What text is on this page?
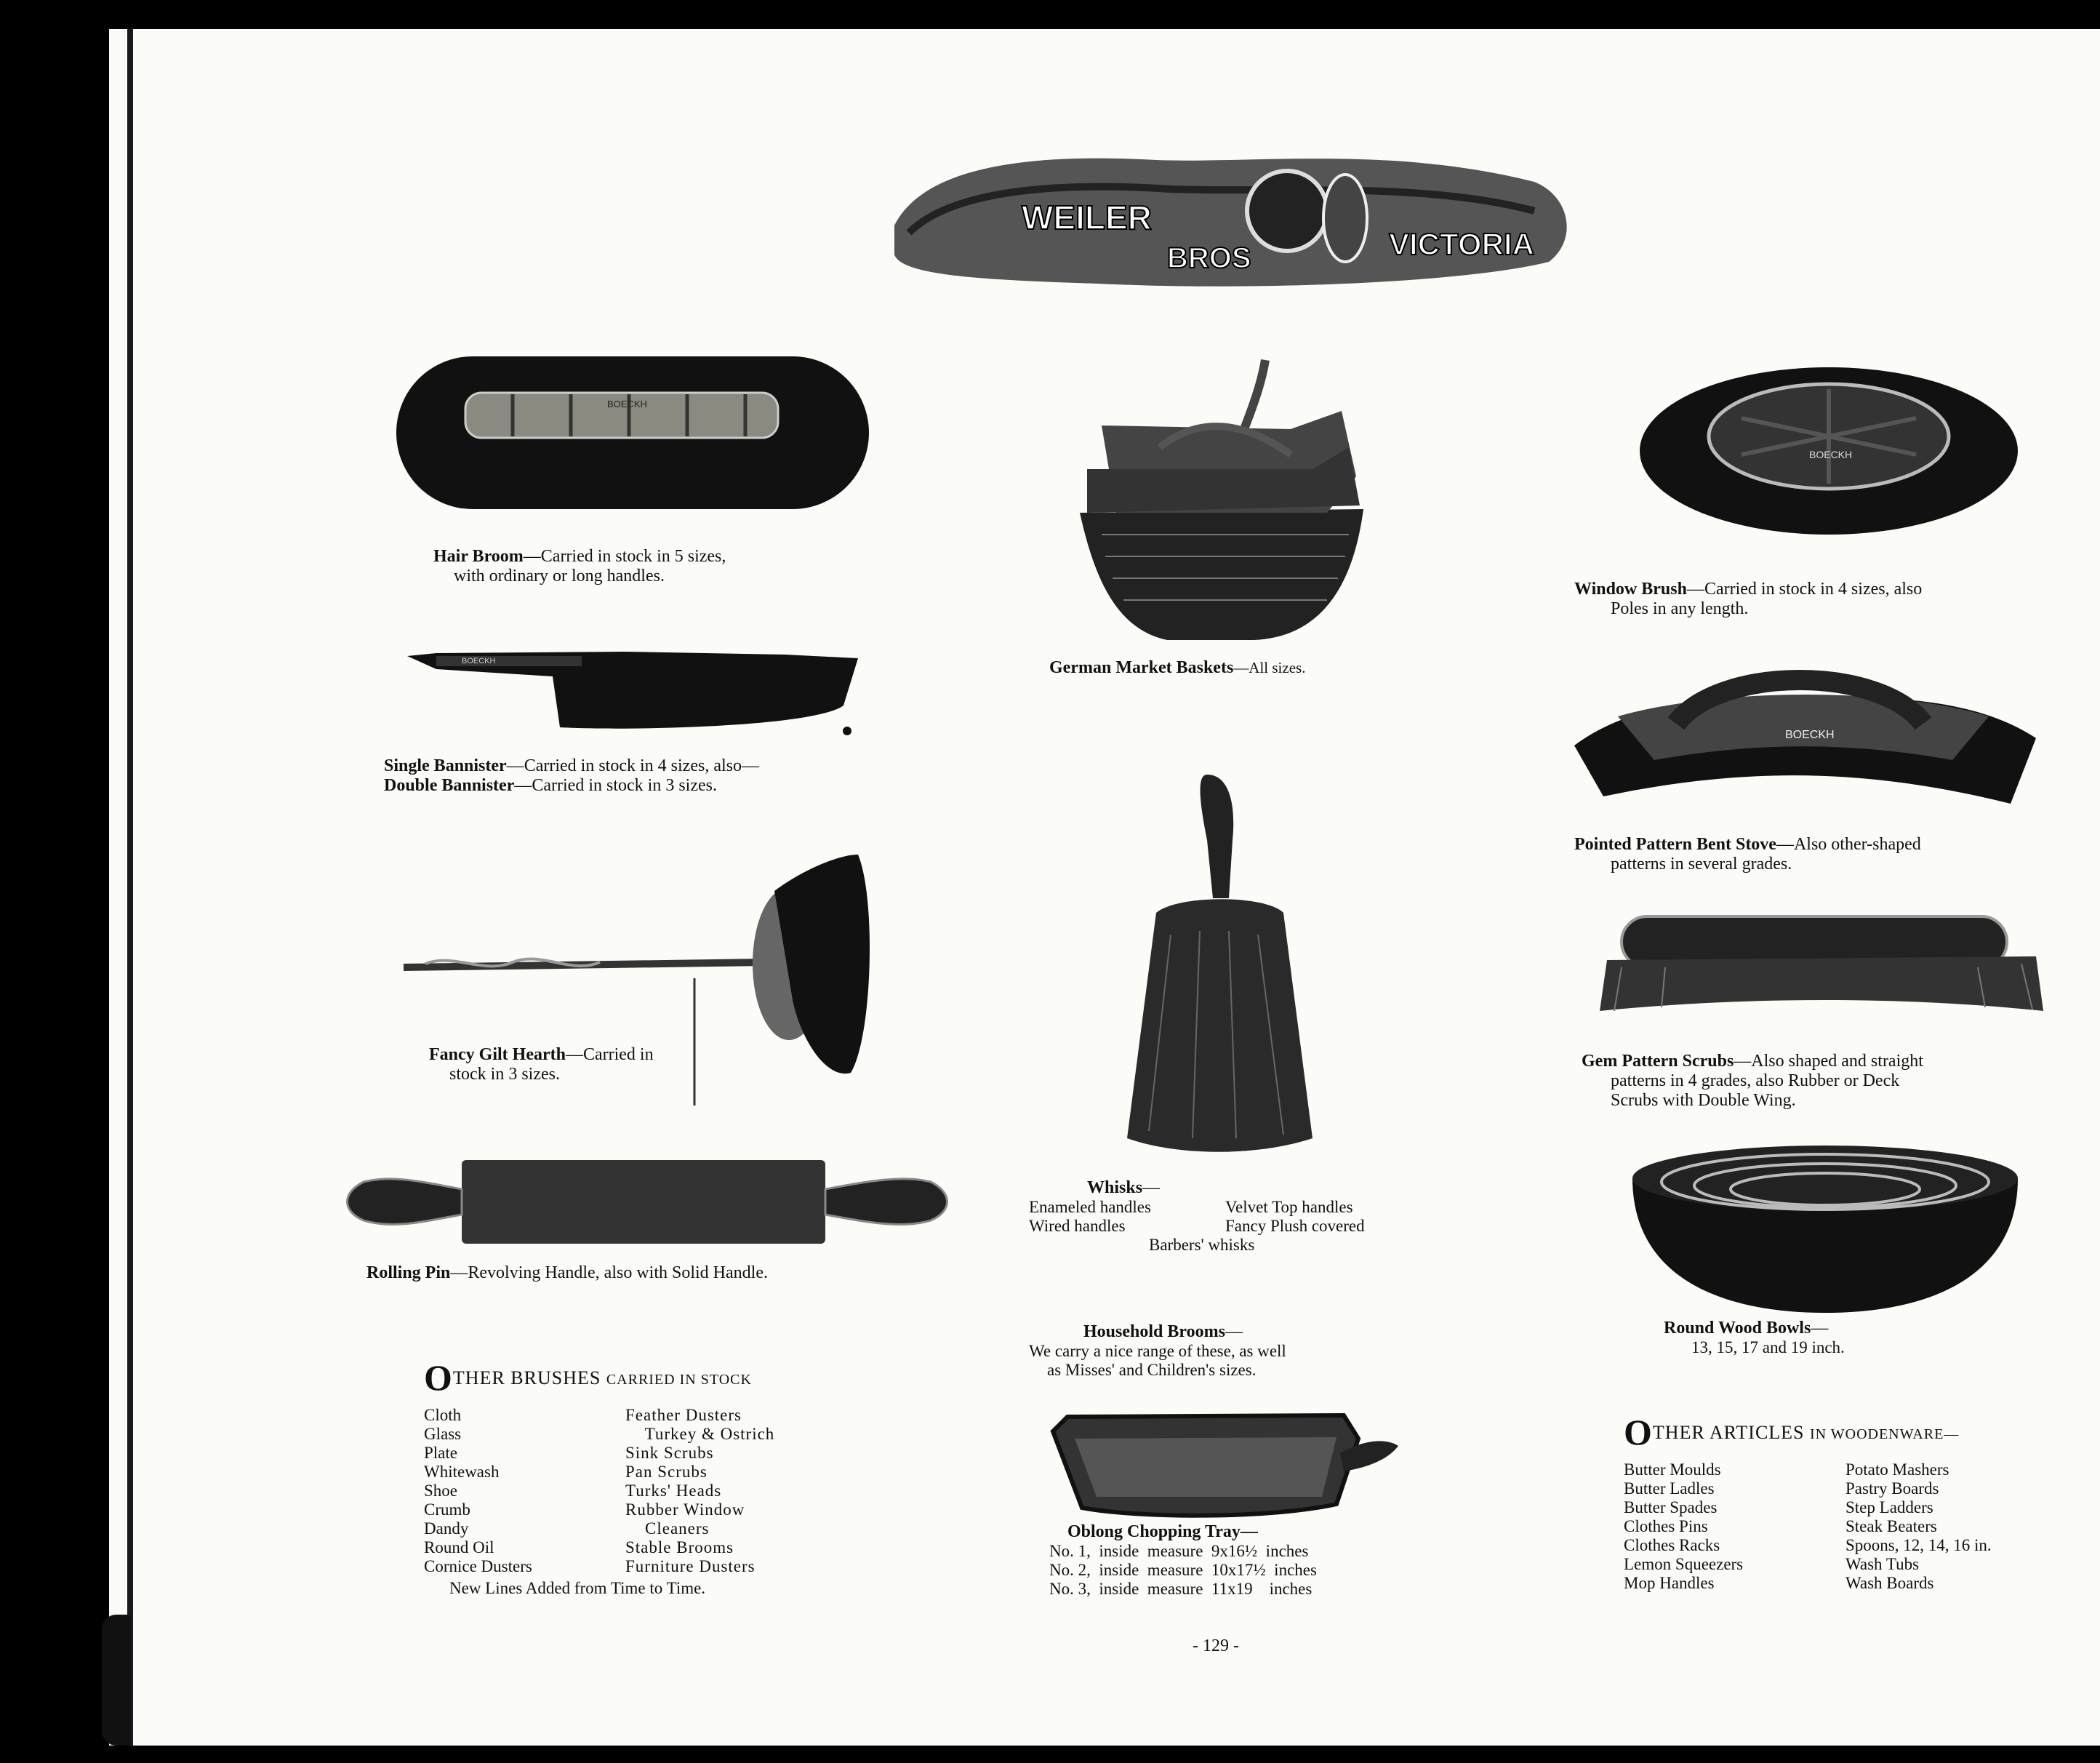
WEILER
BROS	VICTORIA
BOECKH
Hair Broom—Carried in stock in 5 sizes,
with ordinary or long handles.
BOECKH
Single Bannister—Carried in stock in 4 sizes, also—
Double Bannister—Carried in stock in 3 sizes.
Fancy Gilt Hearth—Carried in
stock in 3 sizes.
Rolling Pin—Revolving Handle, also with Solid Handle.
OTHER BRUSHES CARRIED IN STOCK
Cloth
Glass
Plate
Whitewash
Shoe
Crumb
Dandy
Round Oil
Cornice Dusters
Feather Dusters
Turkey & Ostrich
Sink Scrubs
Pan Scrubs
Turks' Heads
Rubber Window
Cleaners
Stable Brooms
Furniture Dusters
New Lines Added from Time to Time.
German Market Baskets—All sizes.
Whisks—
Enameled handles
Wired handles
Velvet Top handles
Fancy Plush covered
Barbers' whisks
Household Brooms—
We carry a nice range of these, as well
as Misses' and Children's sizes.
Oblong Chopping Tray—
No. 1,  inside  measure  9x16½  inches
No. 2,  inside  measure  10x17½  inches
No. 3,  inside  measure  11x19    inches
BOECKH
Window Brush—Carried in stock in 4 sizes, also
Poles in any length.
BOECKH
Pointed Pattern Bent Stove—Also other-shaped
patterns in several grades.
Gem Pattern Scrubs—Also shaped and straight
patterns in 4 grades, also Rubber or Deck
Scrubs with Double Wing.
Round Wood Bowls—
13, 15, 17 and 19 inch.
OTHER ARTICLES IN WOODENWARE—
Butter Moulds
Butter Ladles
Butter Spades
Clothes Pins
Clothes Racks
Lemon Squeezers
Mop Handles
Potato Mashers
Pastry Boards
Step Ladders
Steak Beaters
Spoons, 12, 14, 16 in.
Wash Tubs
Wash Boards
- 129 -
